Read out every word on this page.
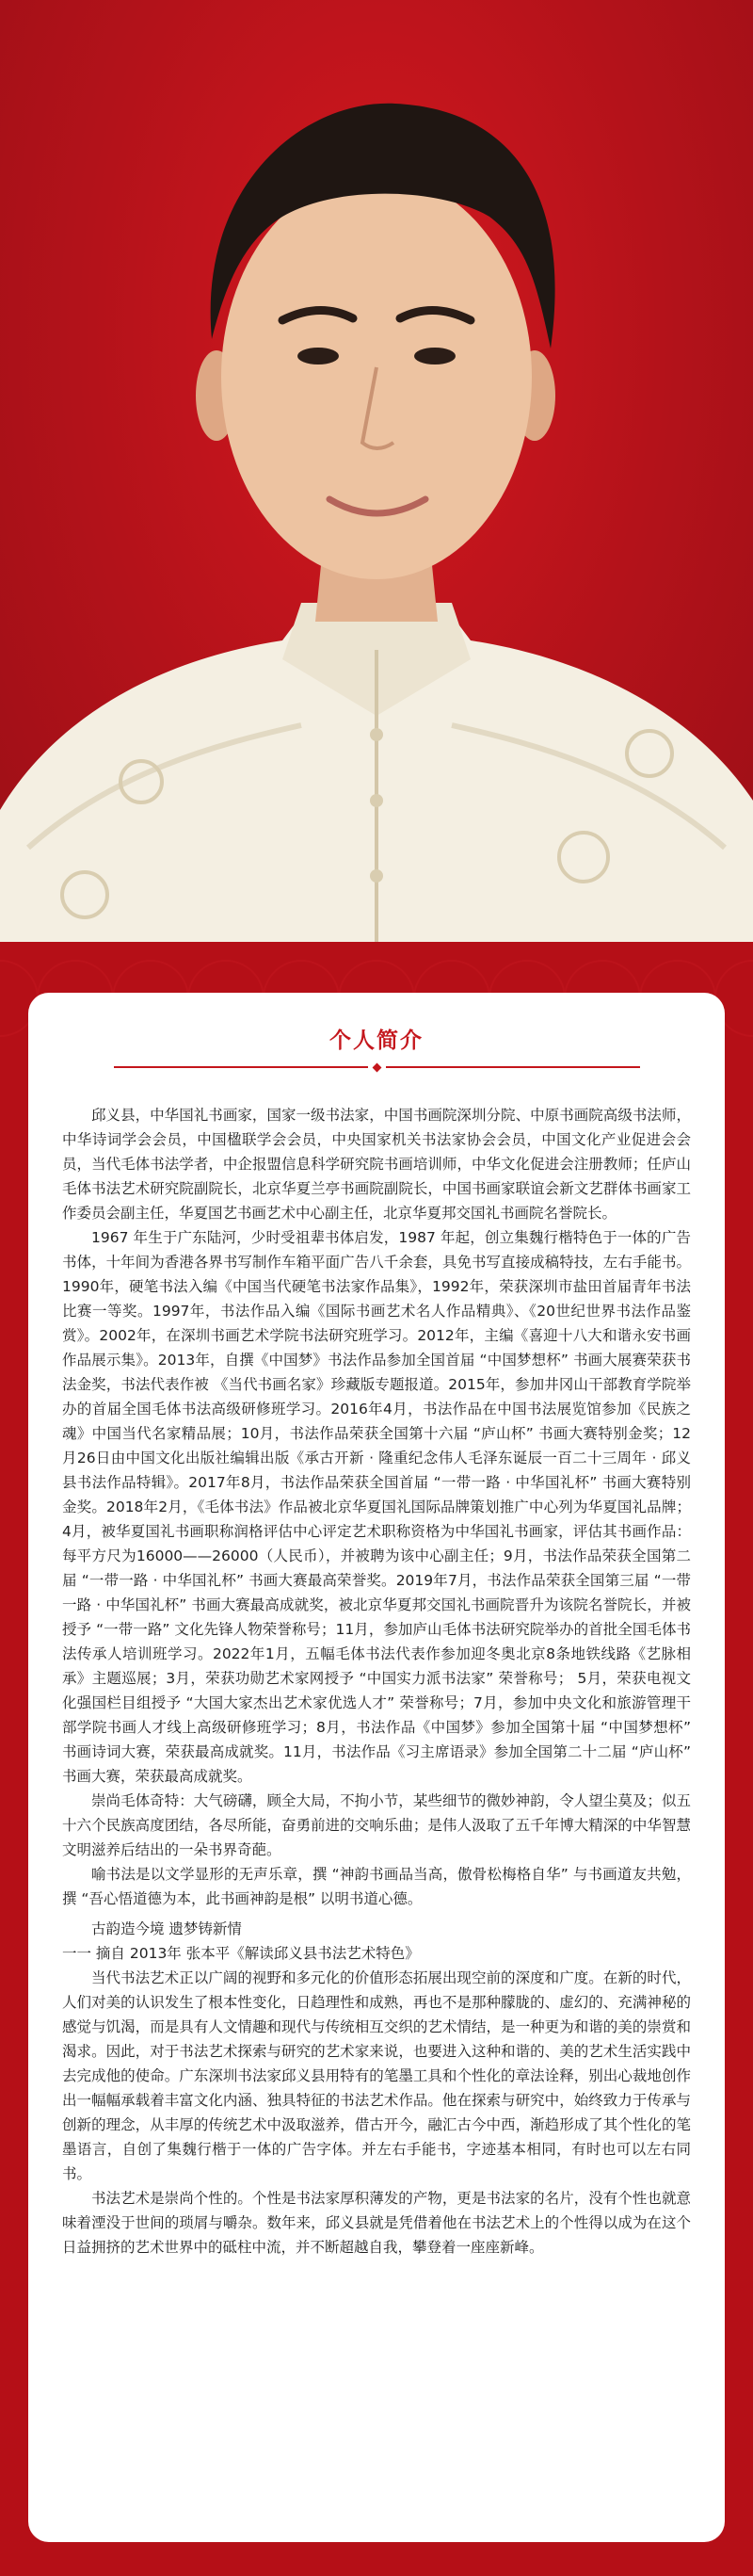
个人简介

邱义县，中华国礼书画家，国家一级书法家，中国书画院深圳分院、中原书画院高级书法师，中华诗词学会会员，中国楹联学会会员，中央国家机关书法家协会会员，中国文化产业促进会会员，当代毛体书法学者，中企报盟信息科学研究院书画培训师，中华文化促进会注册教师；任庐山毛体书法艺术研究院副院长，北京华夏兰亭书画院副院长，中国书画家联谊会新文艺群体书画家工作委员会副主任，华夏国艺书画艺术中心副主任，北京华夏邦交国礼书画院名誉院长。

1967 年生于广东陆河，少时受祖辈书体启发，1987 年起，创立集魏行楷特色于一体的广告书体，十年间为香港各界书写制作车箱平面广告八千余套，具免书写直接成稿特技，左右手能书。1990年，硬笔书法入编《中国当代硬笔书法家作品集》，1992年，荣获深圳市盐田首届青年书法比赛一等奖。1997年，书法作品入编《国际书画艺术名人作品精典》、《20世纪世界书法作品鉴赏》。2002年，在深圳书画艺术学院书法研究班学习。2012年，主编《喜迎十八大和谐永安书画作品展示集》。2013年，自撰《中国梦》书法作品参加全国首届 “中国梦想杯” 书画大展赛荣获书法金奖，书法代表作被 《当代书画名家》珍藏版专题报道。2015年，参加井冈山干部教育学院举办的首届全国毛体书法高级研修班学习。2016年4月，书法作品在中国书法展览馆参加《民族之魂》中国当代名家精品展；10月，书法作品荣获全国第十六届 “庐山杯” 书画大赛特别金奖；12月26日由中国文化出版社编辑出版《承古开新 · 隆重纪念伟人毛泽东诞辰一百二十三周年 · 邱义县书法作品特辑》。2017年8月，书法作品荣获全国首届 “一带一路 · 中华国礼杯” 书画大赛特别金奖。2018年2月，《毛体书法》作品被北京华夏国礼国际品牌策划推广中心列为华夏国礼品牌；4月，被华夏国礼书画职称润格评估中心评定艺术职称资格为中华国礼书画家，评估其书画作品：每平方尺为16000——26000（人民币），并被聘为该中心副主任；9月，书法作品荣获全国第二届 “一带一路 · 中华国礼杯” 书画大赛最高荣誉奖。2019年7月，书法作品荣获全国第三届 “一带一路 · 中华国礼杯” 书画大赛最高成就奖，被北京华夏邦交国礼书画院晋升为该院名誉院长，并被授予 “一带一路” 文化先锋人物荣誉称号；11月，参加庐山毛体书法研究院举办的首批全国毛体书法传承人培训班学习。2022年1月，五幅毛体书法代表作参加迎冬奥北京8条地铁线路《艺脉相承》主题巡展；3月，荣获功勋艺术家网授予 “中国实力派书法家” 荣誉称号； 5月，荣获电视文化强国栏目组授予 “大国大家杰出艺术家优选人才” 荣誉称号；7月，参加中央文化和旅游管理干部学院书画人才线上高级研修班学习；8月，书法作品《中国梦》参加全国第十届 “中国梦想杯” 书画诗词大赛，荣获最高成就奖。11月，书法作品《习主席语录》参加全国第二十二届 “庐山杯” 书画大赛，荣获最高成就奖。

崇尚毛体奇特：大气磅礴，顾全大局，不拘小节，某些细节的微妙神韵，令人望尘莫及；似五十六个民族高度团结，各尽所能，奋勇前进的交响乐曲；是伟人汲取了五千年博大精深的中华智慧文明滋养后结出的一朵书界奇葩。

喻书法是以文学显形的无声乐章，撰 “神韵书画品当高，傲骨松梅格自华” 与书画道友共勉，撰 “吾心悟道德为本，此书画神韵是根” 以明书道心德。

古韵造今境 遗梦铸新情

一一 摘自 2013年 张本平《解读邱义县书法艺术特色》

当代书法艺术正以广阔的视野和多元化的价值形态拓展出现空前的深度和广度。在新的时代，人们对美的认识发生了根本性变化，日趋理性和成熟，再也不是那种朦胧的、虚幻的、充满神秘的感觉与饥渴，而是具有人文情趣和现代与传统相互交织的艺术情结，是一种更为和谐的美的崇赏和渴求。因此，对于书法艺术探索与研究的艺术家来说，也要进入这种和谐的、美的艺术生活实践中去完成他的使命。广东深圳书法家邱义县用特有的笔墨工具和个性化的章法诠释，别出心裁地创作出一幅幅承载着丰富文化内涵、独具特征的书法艺术作品。他在探索与研究中，始终致力于传承与创新的理念，从丰厚的传统艺术中汲取滋养，借古开今，融汇古今中西，渐趋形成了其个性化的笔墨语言，自创了集魏行楷于一体的广告字体。并左右手能书，字迹基本相同，有时也可以左右同书。

书法艺术是崇尚个性的。个性是书法家厚积薄发的产物，更是书法家的名片，没有个性也就意味着湮没于世间的琐屑与嚼杂。数年来，邱义县就是凭借着他在书法艺术上的个性得以成为在这个日益拥挤的艺术世界中的砥柱中流，并不断超越自我，攀登着一座座新峰。
